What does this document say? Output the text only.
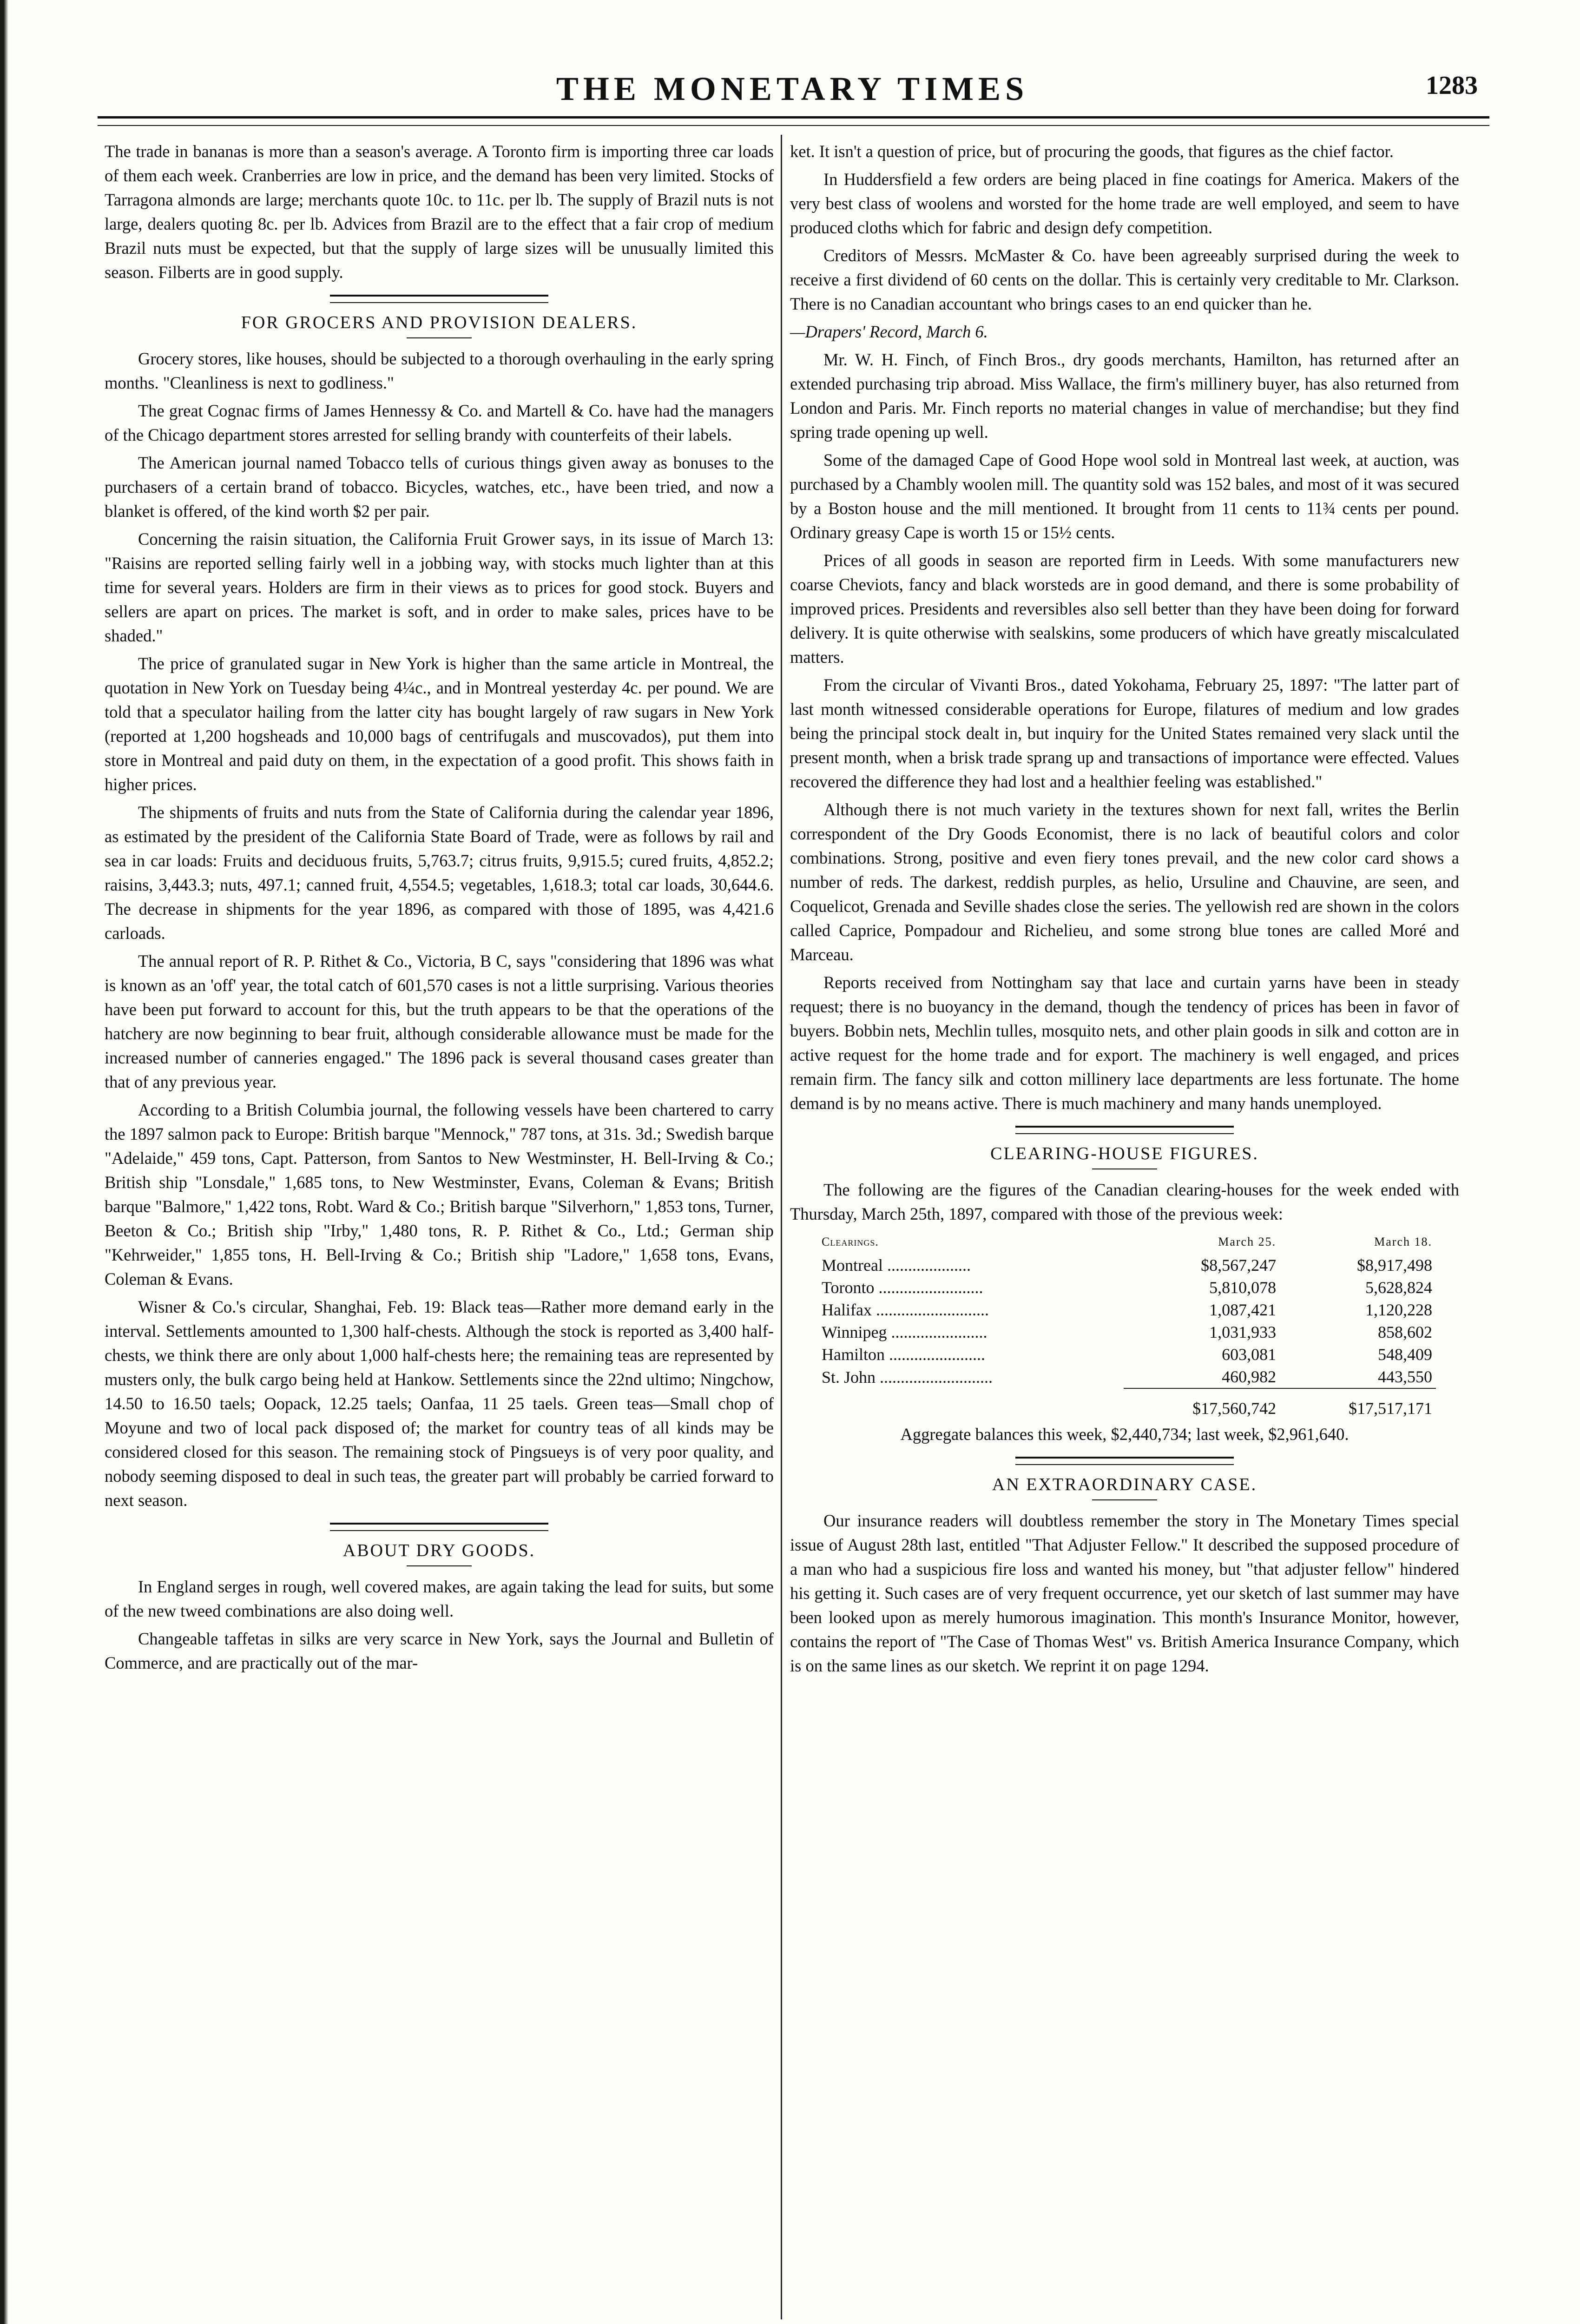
THE MONETARY TIMES	1283

The trade in bananas is more than a season's average. A Toronto firm is importing three car loads of them each week. Cranberries are low in price, and the demand has been very limited. Stocks of Tarragona almonds are large; merchants quote 10c. to 11c. per lb. The supply of Brazil nuts is not large, dealers quoting 8c. per lb. Advices from Brazil are to the effect that a fair crop of medium Brazil nuts must be expected, but that the supply of large sizes will be unusually limited this season. Filberts are in good supply.

FOR GROCERS AND PROVISION DEALERS.

Grocery stores, like houses, should be subjected to a thorough overhauling in the early spring months. "Cleanliness is next to godliness."

The great Cognac firms of James Hennessy & Co. and Martell & Co. have had the managers of the Chicago department stores arrested for selling brandy with counterfeits of their labels.

The American journal named Tobacco tells of curious things given away as bonuses to the purchasers of a certain brand of tobacco. Bicycles, watches, etc., have been tried, and now a blanket is offered, of the kind worth $2 per pair.

Concerning the raisin situation, the California Fruit Grower says, in its issue of March 13: "Raisins are reported selling fairly well in a jobbing way, with stocks much lighter than at this time for several years. Holders are firm in their views as to prices for good stock. Buyers and sellers are apart on prices. The market is soft, and in order to make sales, prices have to be shaded."

The price of granulated sugar in New York is higher than the same article in Montreal, the quotation in New York on Tuesday being 4¼c., and in Montreal yesterday 4c. per pound. We are told that a speculator hailing from the latter city has bought largely of raw sugars in New York (reported at 1,200 hogsheads and 10,000 bags of centrifugals and muscovados), put them into store in Montreal and paid duty on them, in the expectation of a good profit. This shows faith in higher prices.

The shipments of fruits and nuts from the State of California during the calendar year 1896, as estimated by the president of the California State Board of Trade, were as follows by rail and sea in car loads: Fruits and deciduous fruits, 5,763.7; citrus fruits, 9,915.5; cured fruits, 4,852.2; raisins, 3,443.3; nuts, 497.1; canned fruit, 4,554.5; vegetables, 1,618.3; total car loads, 30,644.6. The decrease in shipments for the year 1896, as compared with those of 1895, was 4,421.6 carloads.

The annual report of R. P. Rithet & Co., Victoria, B C, says "considering that 1896 was what is known as an 'off' year, the total catch of 601,570 cases is not a little surprising. Various theories have been put forward to account for this, but the truth appears to be that the operations of the hatchery are now beginning to bear fruit, although considerable allowance must be made for the increased number of canneries engaged." The 1896 pack is several thousand cases greater than that of any previous year.

According to a British Columbia journal, the following vessels have been chartered to carry the 1897 salmon pack to Europe: British barque "Mennock," 787 tons, at 31s. 3d.; Swedish barque "Adelaide," 459 tons, Capt. Patterson, from Santos to New Westminster, H. Bell-Irving & Co.; British ship "Lonsdale," 1,685 tons, to New Westminster, Evans, Coleman & Evans; British barque "Balmore," 1,422 tons, Robt. Ward & Co.; British barque "Silverhorn," 1,853 tons, Turner, Beeton & Co.; British ship "Irby," 1,480 tons, R. P. Rithet & Co., Ltd.; German ship "Kehrweider," 1,855 tons, H. Bell-Irving & Co.; British ship "Ladore," 1,658 tons, Evans, Coleman & Evans.

Wisner & Co.'s circular, Shanghai, Feb. 19: Black teas—Rather more demand early in the interval. Settlements amounted to 1,300 half-chests. Although the stock is reported as 3,400 half-chests, we think there are only about 1,000 half-chests here; the remaining teas are represented by musters only, the bulk cargo being held at Hankow. Settlements since the 22nd ultimo; Ningchow, 14.50 to 16.50 taels; Oopack, 12.25 taels; Oanfaa, 11 25 taels. Green teas—Small chop of Moyune and two of local pack disposed of; the market for country teas of all kinds may be considered closed for this season. The remaining stock of Pingsueys is of very poor quality, and nobody seeming disposed to deal in such teas, the greater part will probably be carried forward to next season.

ABOUT DRY GOODS.

In England serges in rough, well covered makes, are again taking the lead for suits, but some of the new tweed combinations are also doing well.

Changeable taffetas in silks are very scarce in New York, says the Journal and Bulletin of Commerce, and are practically out of the mar-

ket. It isn't a question of price, but of procuring the goods, that figures as the chief factor.

In Huddersfield a few orders are being placed in fine coatings for America. Makers of the very best class of woolens and worsted for the home trade are well employed, and seem to have produced cloths which for fabric and design defy competition.

Creditors of Messrs. McMaster & Co. have been agreeably surprised during the week to receive a first dividend of 60 cents on the dollar. This is certainly very creditable to Mr. Clarkson. There is no Canadian accountant who brings cases to an end quicker than he.

—Drapers' Record, March 6.

Mr. W. H. Finch, of Finch Bros., dry goods merchants, Hamilton, has returned after an extended purchasing trip abroad. Miss Wallace, the firm's millinery buyer, has also returned from London and Paris. Mr. Finch reports no material changes in value of merchandise; but they find spring trade opening up well.

Some of the damaged Cape of Good Hope wool sold in Montreal last week, at auction, was purchased by a Chambly woolen mill. The quantity sold was 152 bales, and most of it was secured by a Boston house and the mill mentioned. It brought from 11 cents to 11¾ cents per pound. Ordinary greasy Cape is worth 15 or 15½ cents.

Prices of all goods in season are reported firm in Leeds. With some manufacturers new coarse Cheviots, fancy and black worsteds are in good demand, and there is some probability of improved prices. Presidents and reversibles also sell better than they have been doing for forward delivery. It is quite otherwise with sealskins, some producers of which have greatly miscalculated matters.

From the circular of Vivanti Bros., dated Yokohama, February 25, 1897: "The latter part of last month witnessed considerable operations for Europe, filatures of medium and low grades being the principal stock dealt in, but inquiry for the United States remained very slack until the present month, when a brisk trade sprang up and transactions of importance were effected. Values recovered the difference they had lost and a healthier feeling was established."

Although there is not much variety in the textures shown for next fall, writes the Berlin correspondent of the Dry Goods Economist, there is no lack of beautiful colors and color combinations. Strong, positive and even fiery tones prevail, and the new color card shows a number of reds. The darkest, reddish purples, as helio, Ursuline and Chauvine, are seen, and Coquelicot, Grenada and Seville shades close the series. The yellowish red are shown in the colors called Caprice, Pompadour and Richelieu, and some strong blue tones are called Moré and Marceau.

Reports received from Nottingham say that lace and curtain yarns have been in steady request; there is no buoyancy in the demand, though the tendency of prices has been in favor of buyers. Bobbin nets, Mechlin tulles, mosquito nets, and other plain goods in silk and cotton are in active request for the home trade and for export. The machinery is well engaged, and prices remain firm. The fancy silk and cotton millinery lace departments are less fortunate. The home demand is by no means active. There is much machinery and many hands unemployed.

CLEARING-HOUSE FIGURES.

The following are the figures of the Canadian clearing-houses for the week ended with Thursday, March 25th, 1897, compared with those of the previous week:

Clearings.	March 25.	March 18.
Montreal ....................	$8,567,247	$8,917,498
Toronto .........................	5,810,078	5,628,824
Halifax ...........................	1,087,421	1,120,228
Winnipeg .......................	1,031,933	858,602
Hamilton .......................	603,081	548,409
St. John ...........................	460,982	443,550
	$17,560,742	$17,517,171
Aggregate balances this week, $2,440,734; last week, $2,961,640.
AN EXTRAORDINARY CASE.

Our insurance readers will doubtless remember the story in The Monetary Times special issue of August 28th last, entitled "That Adjuster Fellow." It described the supposed procedure of a man who had a suspicious fire loss and wanted his money, but "that adjuster fellow" hindered his getting it. Such cases are of very frequent occurrence, yet our sketch of last summer may have been looked upon as merely humorous imagination. This month's Insurance Monitor, however, contains the report of "The Case of Thomas West" vs. British America Insurance Company, which is on the same lines as our sketch. We reprint it on page 1294.
